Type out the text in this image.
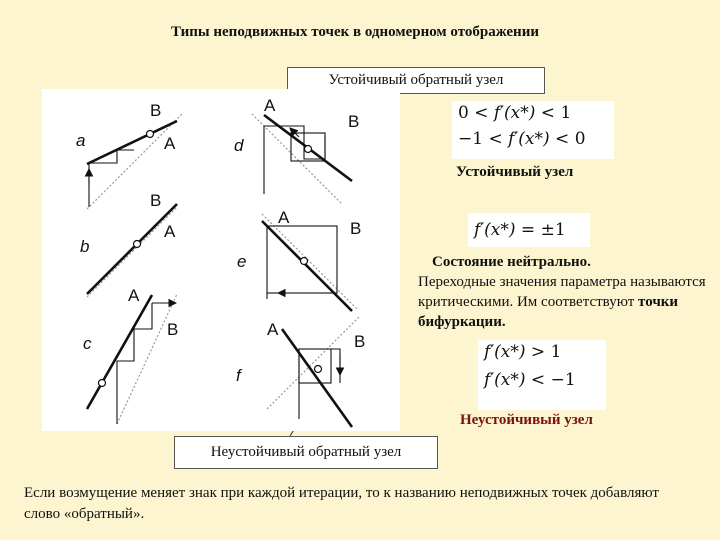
Типы неподвижных точек в одномерном отображении
Устойчивый обратный узел
a
B
A
b
B
A
c
A
B
d
A
B
e
A
B
f
A
B
0 < f′(x*) < 1
−1 < f′(x*) < 0
Устойчивый узел
f′(x*) = ±1
Состояние нейтрально.
Переходные значения параметра называются критическими. Им соответствуют точки бифуркации.
f′(x*) > 1
f′(x*) < −1
Неустойчивый узел
Неустойчивый обратный узел
Если возмущение меняет знак при каждой итерации, то к названию неподвижных точек добавляют слово «обратный».
